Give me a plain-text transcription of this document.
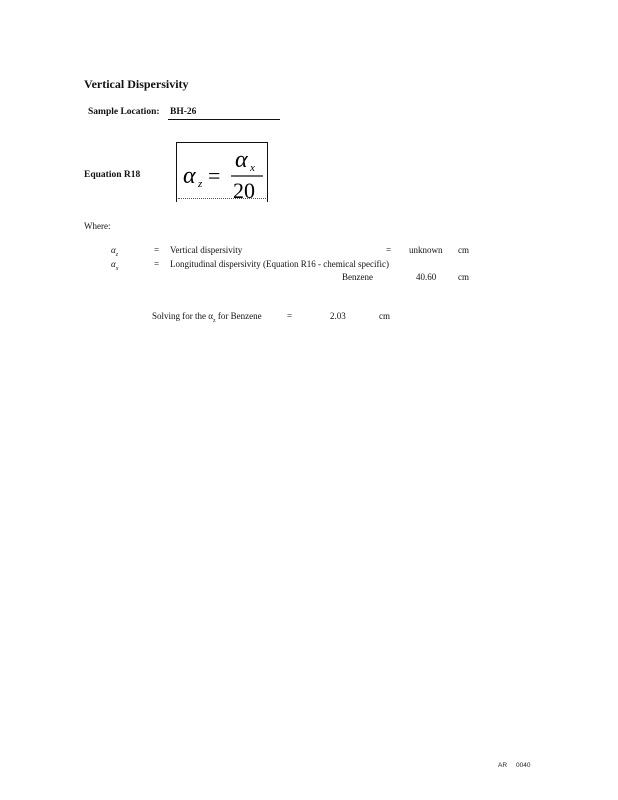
Vertical Dispersivity
Sample Location: BH-26
Equation R18 α z =
α x
20
Where:
$\alpha_z$	= Vertical dispersivity	= unknown cm
$\alpha_x$	= Longitudinal dispersivity (Equation R16 - chemical specific)
Benzene	40.60 cm
Solving for the $\alpha_z$ for Benzene	=	2.03	cm
AR 0040
